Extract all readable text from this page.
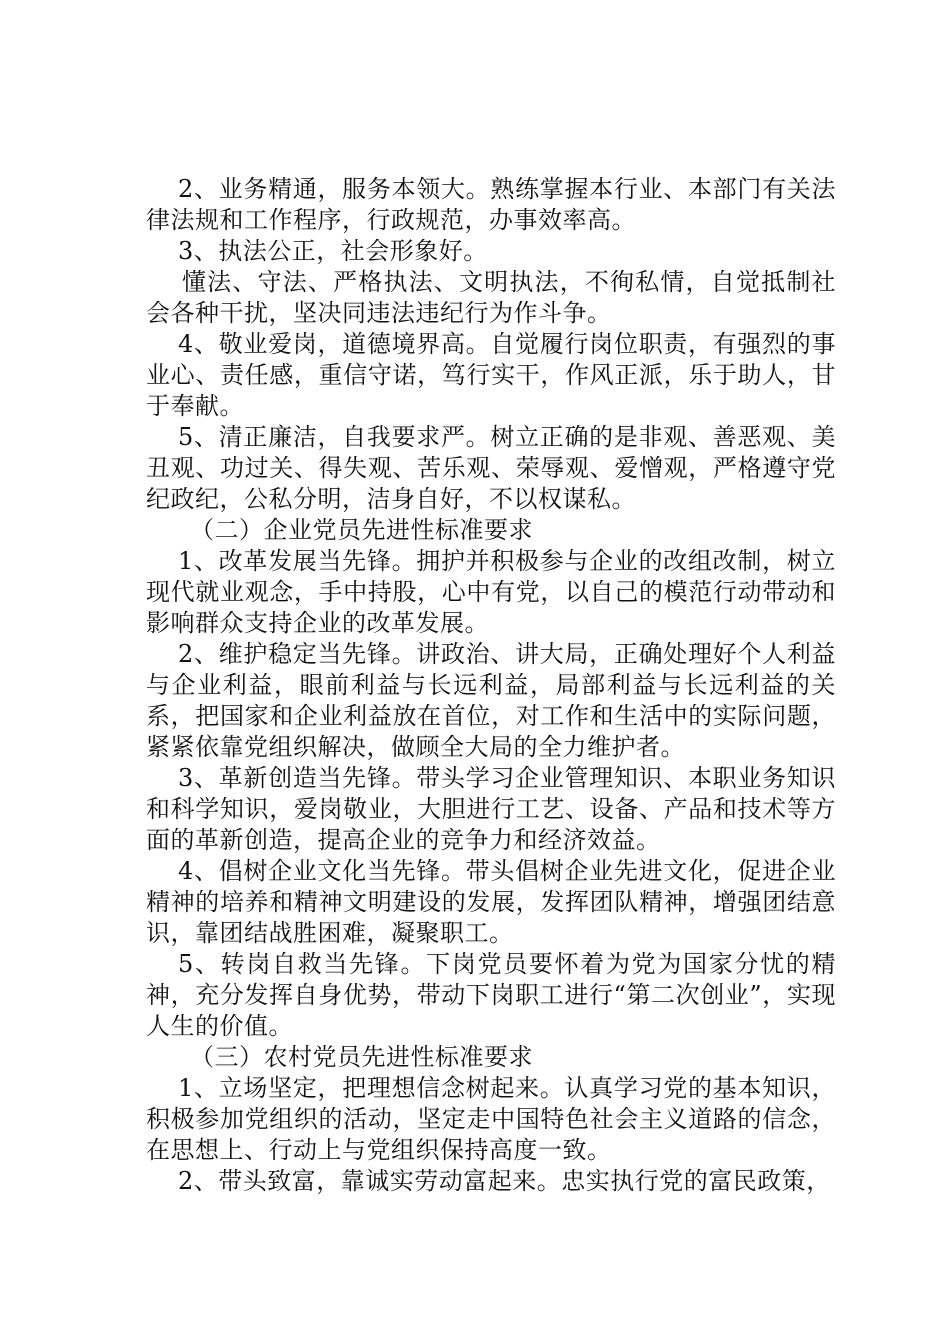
2、业务精通，服务本领大。熟练掌握本行业、本部门有关法律法规和工作程序，行政规范，办事效率高。

3、执法公正，社会形象好。

懂法、守法、严格执法、文明执法，不徇私情，自觉抵制社会各种干扰，坚决同违法违纪行为作斗争。

4、敬业爱岗，道德境界高。自觉履行岗位职责，有强烈的事业心、责任感，重信守诺，笃行实干，作风正派，乐于助人，甘于奉献。

5、清正廉洁，自我要求严。树立正确的是非观、善恶观、美丑观、功过关、得失观、苦乐观、荣辱观、爱憎观，严格遵守党纪政纪，公私分明，洁身自好，不以权谋私。

（二）企业党员先进性标准要求

1、改革发展当先锋。拥护并积极参与企业的改组改制，树立现代就业观念，手中持股，心中有党，以自己的模范行动带动和影响群众支持企业的改革发展。

2、维护稳定当先锋。讲政治、讲大局，正确处理好个人利益与企业利益，眼前利益与长远利益，局部利益与长远利益的关系，把国家和企业利益放在首位，对工作和生活中的实际问题，紧紧依靠党组织解决，做顾全大局的全力维护者。

3、革新创造当先锋。带头学习企业管理知识、本职业务知识和科学知识，爱岗敬业，大胆进行工艺、设备、产品和技术等方面的革新创造，提高企业的竞争力和经济效益。

4、倡树企业文化当先锋。带头倡树企业先进文化，促进企业精神的培养和精神文明建设的发展，发挥团队精神，增强团结意识，靠团结战胜困难，凝聚职工。

5、转岗自救当先锋。下岗党员要怀着为党为国家分忧的精神，充分发挥自身优势，带动下岗职工进行“第二次创业”，实现人生的价值。

（三）农村党员先进性标准要求

1、立场坚定，把理想信念树起来。认真学习党的基本知识，积极参加党组织的活动，坚定走中国特色社会主义道路的信念，在思想上、行动上与党组织保持高度一致。

2、带头致富，靠诚实劳动富起来。忠实执行党的富民政策，
